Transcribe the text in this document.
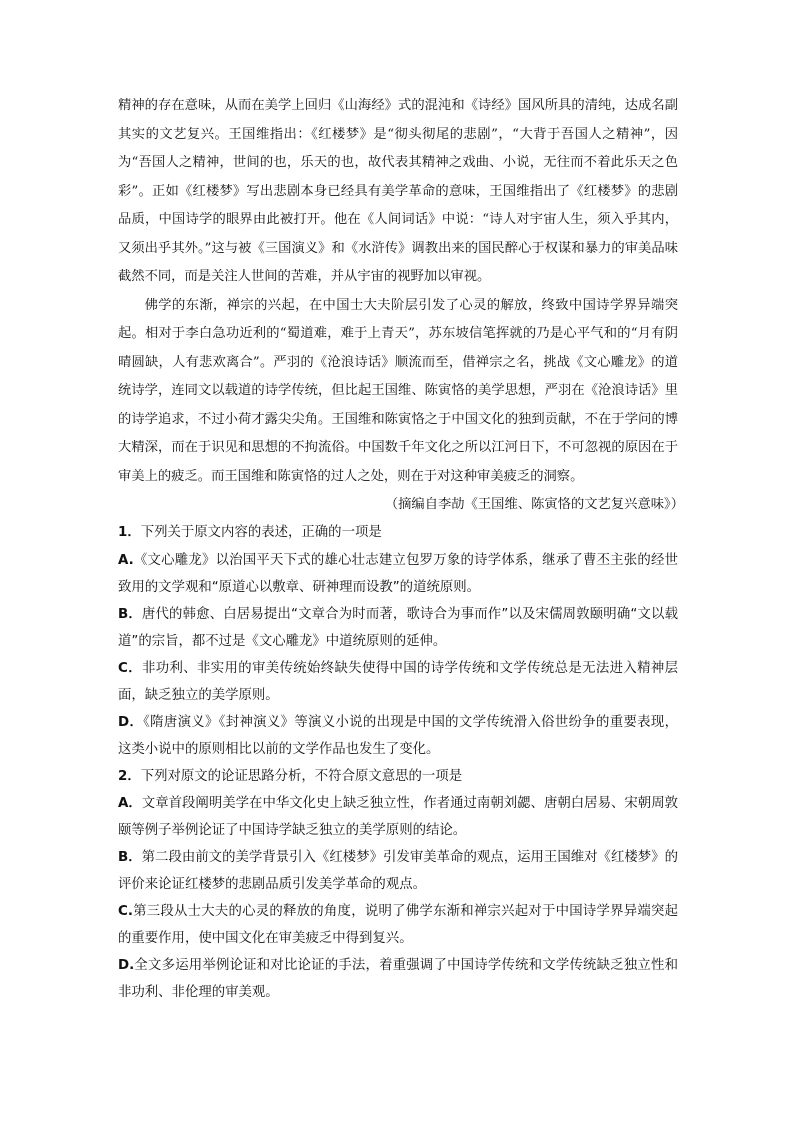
精神的存在意味，从而在美学上回归《山海经》式的混沌和《诗经》国风所具的清纯，达成名副其实的文艺复兴。王国维指出：《红楼梦》是“彻头彻尾的悲剧”，“大背于吾国人之精神”，因为“吾国人之精神，世间的也，乐天的也，故代表其精神之戏曲、小说，无往而不着此乐天之色彩”。正如《红楼梦》写出悲剧本身已经具有美学革命的意味，王国维指出了《红楼梦》的悲剧品质，中国诗学的眼界由此被打开。他在《人间词话》中说：“诗人对宇宙人生，须入乎其内，又须出乎其外。”这与被《三国演义》和《水浒传》调教出来的国民醉心于权谋和暴力的审美品味截然不同，而是关注人世间的苦难，并从宇宙的视野加以审视。

佛学的东渐，禅宗的兴起，在中国士大夫阶层引发了心灵的解放，终致中国诗学界异端突起。相对于李白急功近利的“蜀道难，难于上青天”，苏东坡信笔挥就的乃是心平气和的“月有阴晴圆缺，人有悲欢离合”。严羽的《沧浪诗话》顺流而至，借禅宗之名，挑战《文心雕龙》的道统诗学，连同文以载道的诗学传统，但比起王国维、陈寅恪的美学思想，严羽在《沧浪诗话》里的诗学追求，不过小荷才露尖尖角。王国维和陈寅恪之于中国文化的独到贡献，不在于学问的博大精深，而在于识见和思想的不拘流俗。中国数千年文化之所以江河日下，不可忽视的原因在于审美上的疲乏。而王国维和陈寅恪的过人之处，则在于对这种审美疲乏的洞察。

（摘编自李劼《王国维、陈寅恪的文艺复兴意味》）

1．下列关于原文内容的表述，正确的一项是

A.《文心雕龙》以治国平天下式的雄心壮志建立包罗万象的诗学体系，继承了曹丕主张的经世致用的文学观和“原道心以敷章、研神理而设教”的道统原则。

B．唐代的韩愈、白居易提出“文章合为时而著，歌诗合为事而作”以及宋儒周敦颐明确“文以载道”的宗旨，都不过是《文心雕龙》中道统原则的延伸。

C．非功利、非实用的审美传统始终缺失使得中国的诗学传统和文学传统总是无法进入精神层面，缺乏独立的美学原则。

D．《隋唐演义》《封神演义》等演义小说的出现是中国的文学传统滑入俗世纷争的重要表现，这类小说中的原则相比以前的文学作品也发生了变化。

2．下列对原文的论证思路分析，不符合原文意思的一项是

A．文章首段阐明美学在中华文化史上缺乏独立性，作者通过南朝刘勰、唐朝白居易、宋朝周敦颐等例子举例论证了中国诗学缺乏独立的美学原则的结论。

B．第二段由前文的美学背景引入《红楼梦》引发审美革命的观点，运用王国维对《红楼梦》的评价来论证红楼梦的悲剧品质引发美学革命的观点。

C.第三段从士大夫的心灵的释放的角度，说明了佛学东渐和禅宗兴起对于中国诗学界异端突起的重要作用，使中国文化在审美疲乏中得到复兴。

D.全文多运用举例论证和对比论证的手法，着重强调了中国诗学传统和文学传统缺乏独立性和非功利、非伦理的审美观。
